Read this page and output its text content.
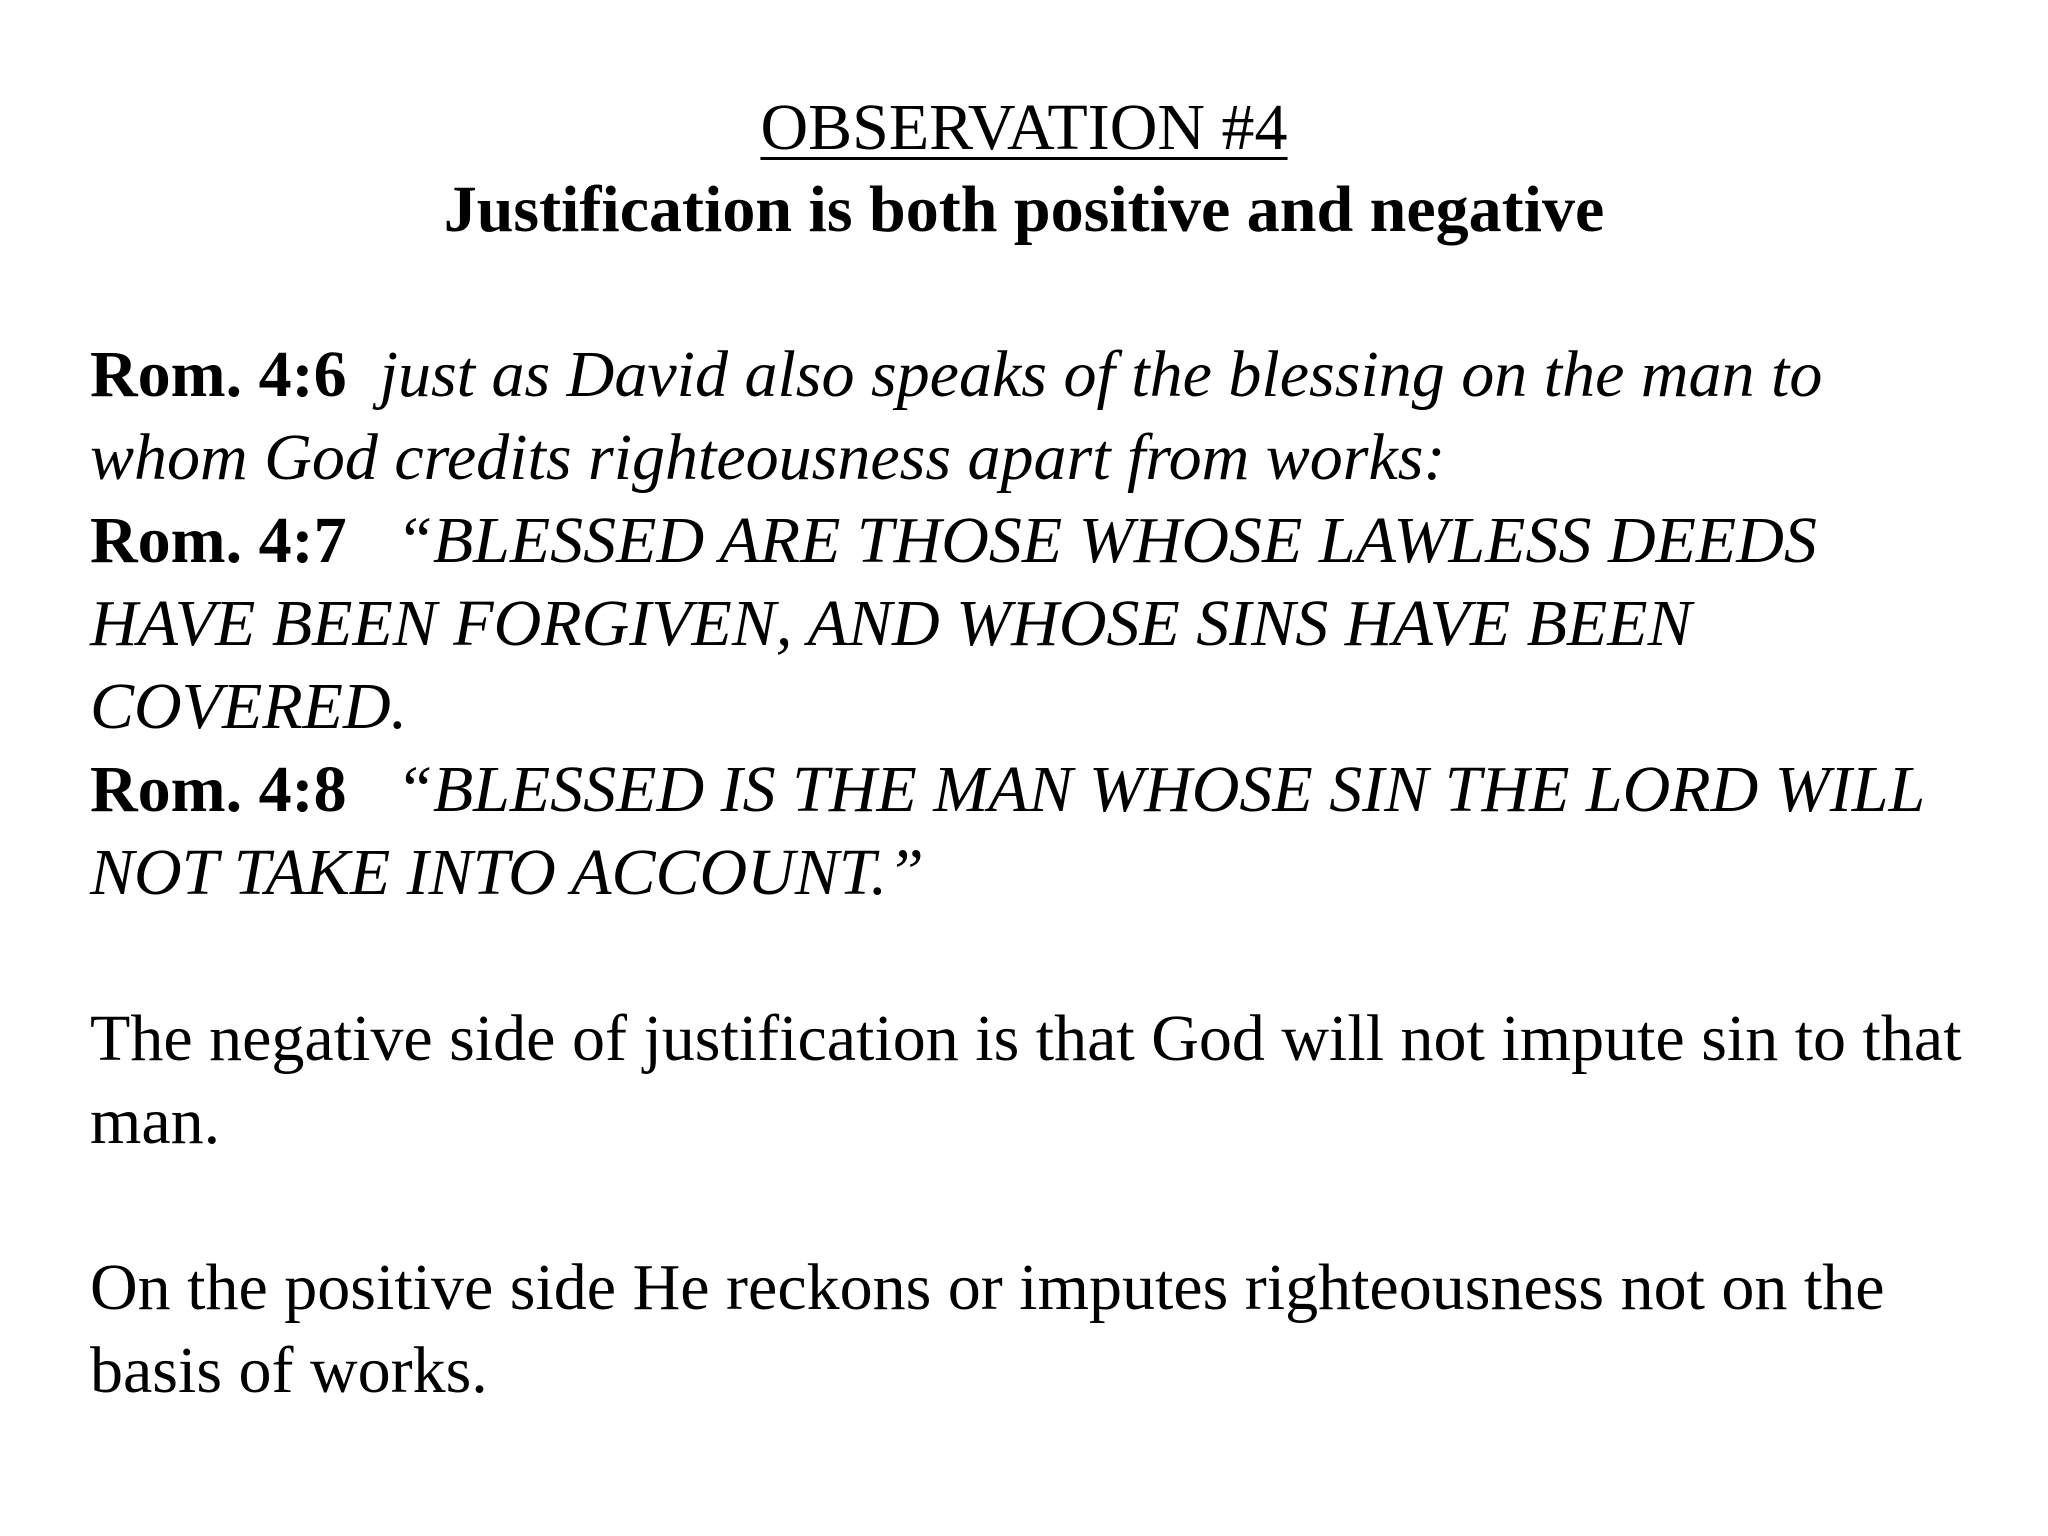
OBSERVATION #4
Justification is both positive and negative

Rom. 4:6 just as David also speaks of the blessing on the man to whom God credits righteousness apart from works:

Rom. 4:7 “BLESSED ARE THOSE WHOSE LAWLESS DEEDS HAVE BEEN FORGIVEN, AND WHOSE SINS HAVE BEEN COVERED.

Rom. 4:8 “BLESSED IS THE MAN WHOSE SIN THE LORD WILL NOT TAKE INTO ACCOUNT.”

The negative side of justification is that God will not impute sin to that man.

On the positive side He reckons or imputes righteousness not on the basis of works.
